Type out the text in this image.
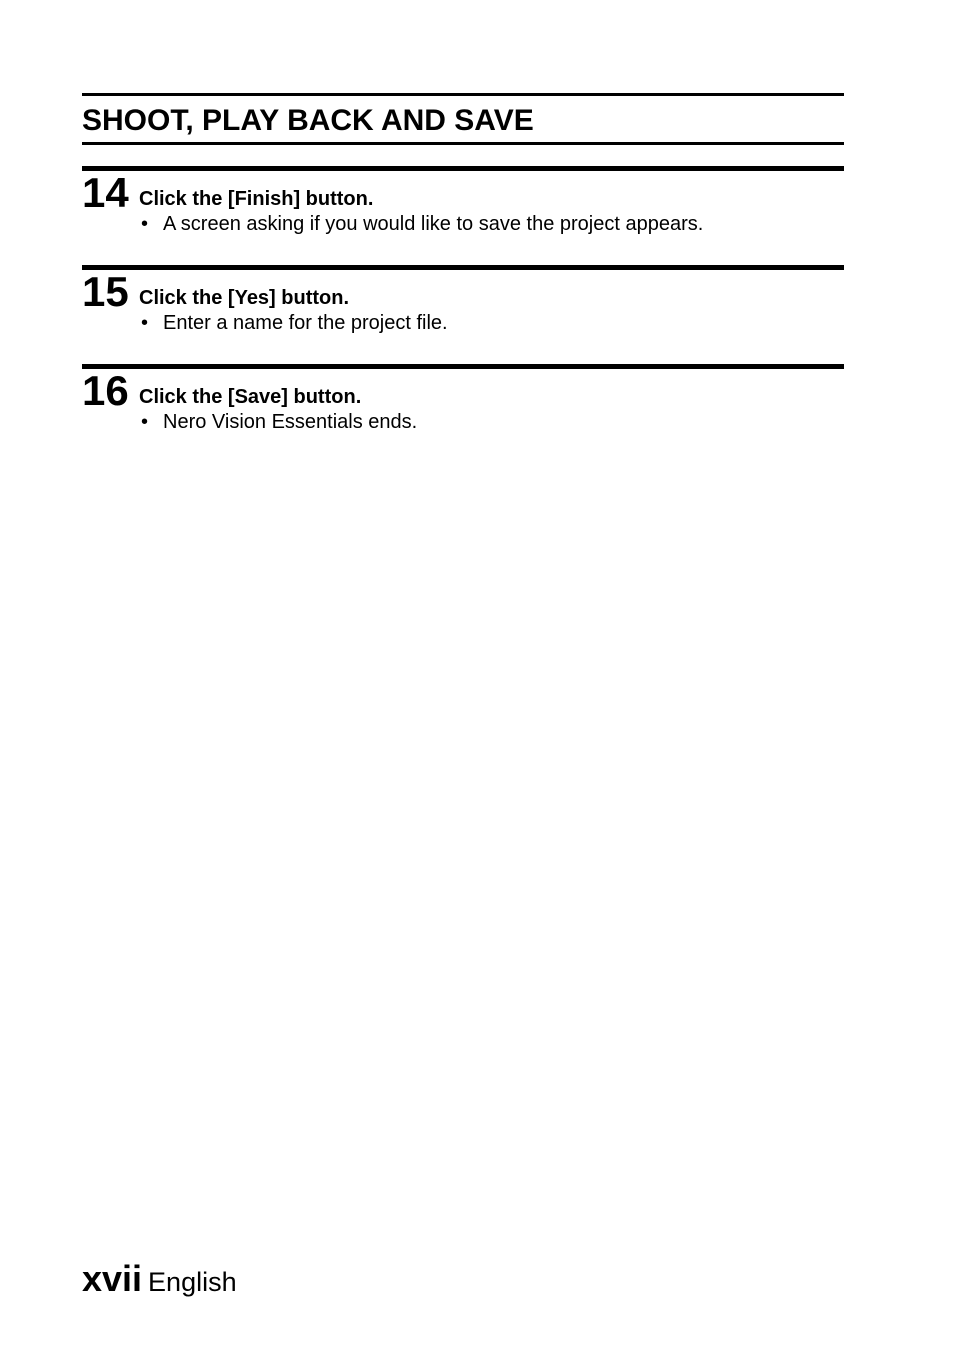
SHOOT, PLAY BACK AND SAVE
14 Click the [Finish] button.
• A screen asking if you would like to save the project appears.
15 Click the [Yes] button.
• Enter a name for the project file.
16 Click the [Save] button.
• Nero Vision Essentials ends.
xvii English
